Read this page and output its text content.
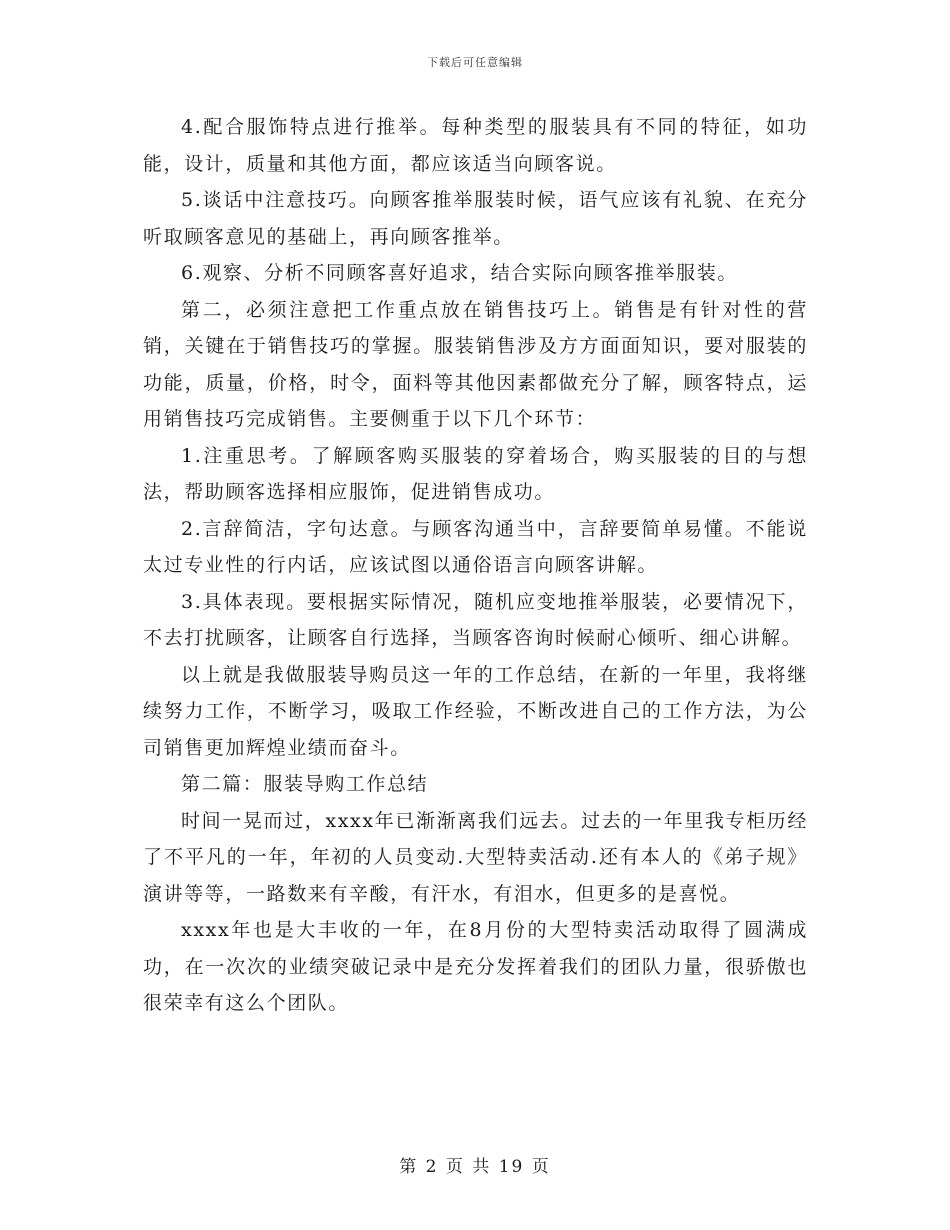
下载后可任意编辑

4.配合服饰特点进行推举。每种类型的服装具有不同的特征，如功能，设计，质量和其他方面，都应该适当向顾客说。

5.谈话中注意技巧。向顾客推举服装时候，语气应该有礼貌、在充分听取顾客意见的基础上，再向顾客推举。

6.观察、分析不同顾客喜好追求，结合实际向顾客推举服装。

第二，必须注意把工作重点放在销售技巧上。销售是有针对性的营销，关键在于销售技巧的掌握。服装销售涉及方方面面知识，要对服装的功能，质量，价格，时令，面料等其他因素都做充分了解，顾客特点，运用销售技巧完成销售。主要侧重于以下几个环节：

1.注重思考。了解顾客购买服装的穿着场合，购买服装的目的与想法，帮助顾客选择相应服饰，促进销售成功。

2.言辞简洁，字句达意。与顾客沟通当中，言辞要简单易懂。不能说太过专业性的行内话，应该试图以通俗语言向顾客讲解。

3.具体表现。要根据实际情况，随机应变地推举服装，必要情况下，不去打扰顾客，让顾客自行选择，当顾客咨询时候耐心倾听、细心讲解。

以上就是我做服装导购员这一年的工作总结，在新的一年里，我将继续努力工作，不断学习，吸取工作经验，不断改进自己的工作方法，为公司销售更加辉煌业绩而奋斗。

第二篇：服装导购工作总结

时间一晃而过，xxxx年已渐渐离我们远去。过去的一年里我专柜历经了不平凡的一年，年初的人员变动.大型特卖活动.还有本人的《弟子规》演讲等等，一路数来有辛酸，有汗水，有泪水，但更多的是喜悦。

xxxx年也是大丰收的一年，在8月份的大型特卖活动取得了圆满成功，在一次次的业绩突破记录中是充分发挥着我们的团队力量，很骄傲也很荣幸有这么个团队。

第 2 页 共 19 页
